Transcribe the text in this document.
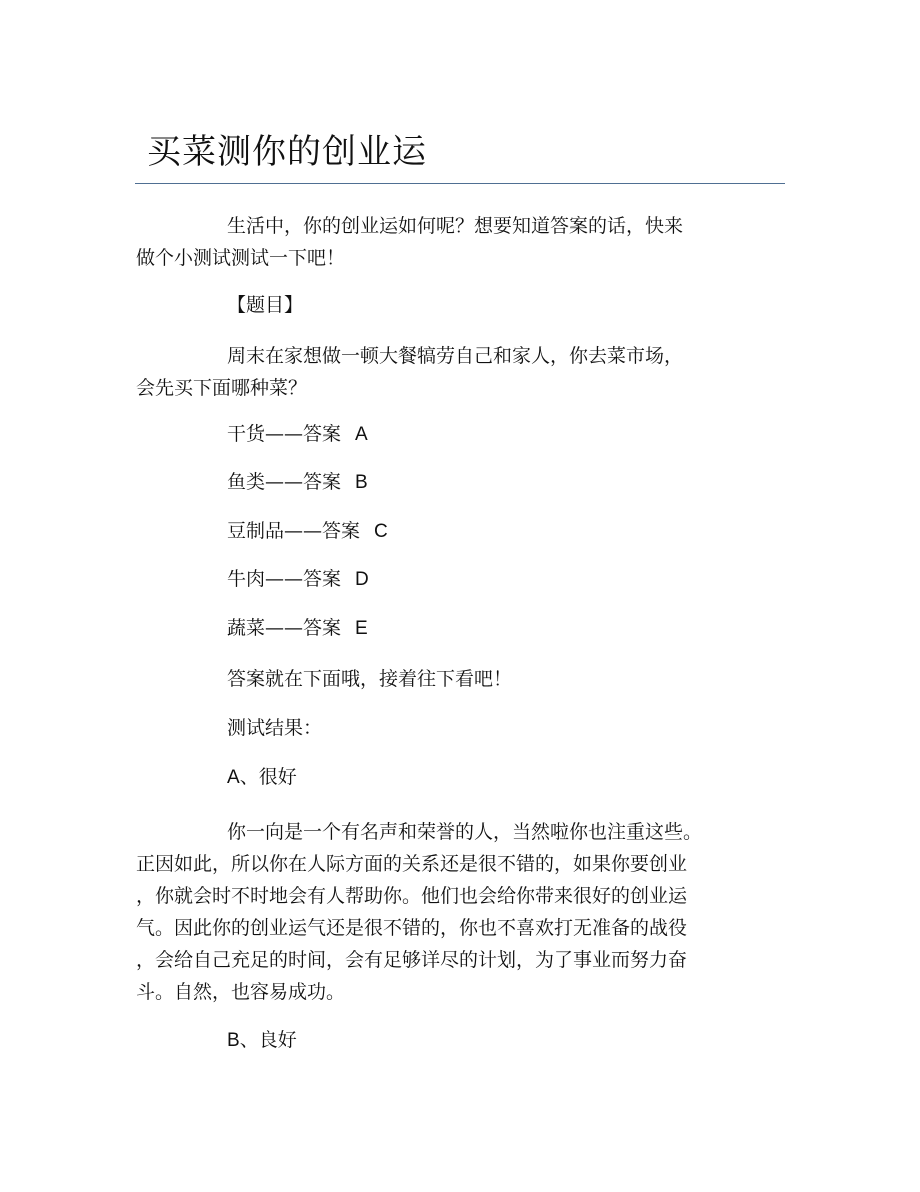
买菜测你的创业运

生活中，你的创业运如何呢？想要知道答案的话，快来
做个小测试测试一下吧！

【题目】

周末在家想做一顿大餐犒劳自己和家人，你去菜市场，
会先买下面哪种菜？

干货——答案 A

鱼类——答案 B

豆制品——答案 C

牛肉——答案 D

蔬菜——答案 E

答案就在下面哦，接着往下看吧！

测试结果：

A、很好

你一向是一个有名声和荣誉的人，当然啦你也注重这些。
正因如此，所以你在人际方面的关系还是很不错的，如果你要创业
，你就会时不时地会有人帮助你。他们也会给你带来很好的创业运
气。因此你的创业运气还是很不错的，你也不喜欢打无准备的战役
，会给自己充足的时间，会有足够详尽的计划，为了事业而努力奋
斗。自然，也容易成功。

B、良好
